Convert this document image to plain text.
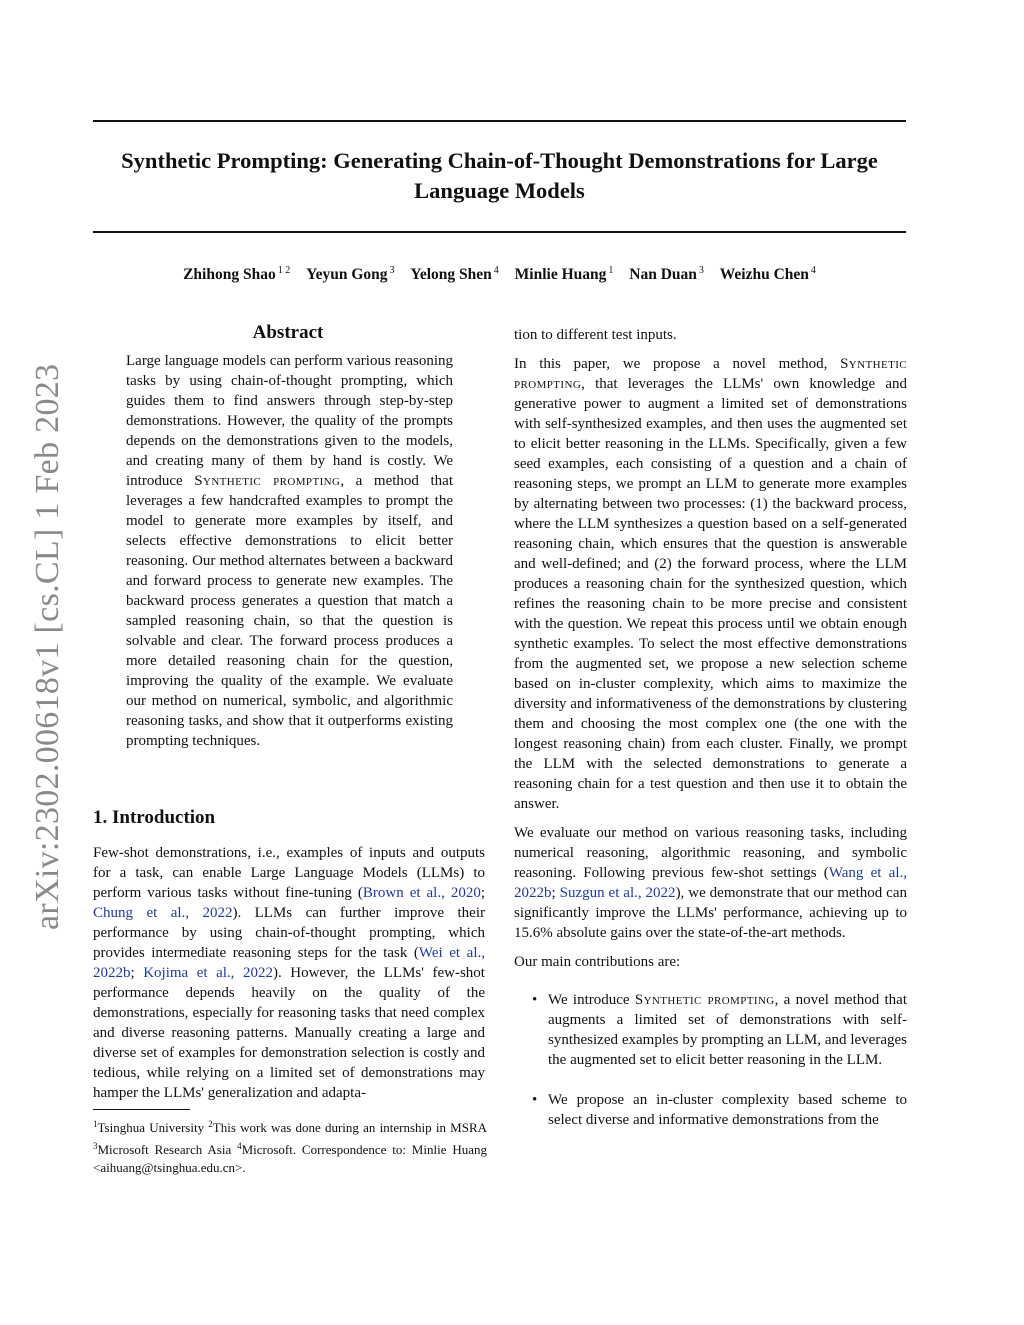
arXiv:2302.00618v1 [cs.CL] 1 Feb 2023
Synthetic Prompting: Generating Chain-of-Thought Demonstrations for Large Language Models
Zhihong Shao $^{1 2}$ Yeyun Gong $^3$ Yelong Shen $^4$ Minlie Huang $^1$ Nan Duan $^3$ Weizhu Chen $^4$
Abstract

Large language models can perform various reasoning tasks by using chain-of-thought prompting, which guides them to find answers through step-by-step demonstrations. However, the quality of the prompts depends on the demonstrations given to the models, and creating many of them by hand is costly. We introduce Synthetic prompting, a method that leverages a few handcrafted examples to prompt the model to generate more examples by itself, and selects effective demonstrations to elicit better reasoning. Our method alternates between a backward and forward process to generate new examples. The backward process generates a question that match a sampled reasoning chain, so that the question is solvable and clear. The forward process produces a more detailed reasoning chain for the question, improving the quality of the example. We evaluate our method on numerical, symbolic, and algorithmic reasoning tasks, and show that it outperforms existing prompting techniques.

1. Introduction

Few-shot demonstrations, i.e., examples of inputs and outputs for a task, can enable Large Language Models (LLMs) to perform various tasks without fine-tuning (Brown et al., 2020; Chung et al., 2022). LLMs can further improve their performance by using chain-of-thought prompting, which provides intermediate reasoning steps for the task (Wei et al., 2022b; Kojima et al., 2022). However, the LLMs' few-shot performance depends heavily on the quality of the demonstrations, especially for reasoning tasks that need complex and diverse reasoning patterns. Manually creating a large and diverse set of examples for demonstration selection is costly and tedious, while relying on a limited set of demonstrations may hamper the LLMs' generalization and adapta-

$^1$Tsinghua University $^2$This work was done during an internship in MSRA $^3$Microsoft Research Asia $^4$Microsoft. Correspondence to: Minlie Huang <aihuang@tsinghua.edu.cn>.

tion to different test inputs.

In this paper, we propose a novel method, Synthetic prompting, that leverages the LLMs' own knowledge and generative power to augment a limited set of demonstrations with self-synthesized examples, and then uses the augmented set to elicit better reasoning in the LLMs. Specifically, given a few seed examples, each consisting of a question and a chain of reasoning steps, we prompt an LLM to generate more examples by alternating between two processes: (1) the backward process, where the LLM synthesizes a question based on a self-generated reasoning chain, which ensures that the question is answerable and well-defined; and (2) the forward process, where the LLM produces a reasoning chain for the synthesized question, which refines the reasoning chain to be more precise and consistent with the question. We repeat this process until we obtain enough synthetic examples. To select the most effective demonstrations from the augmented set, we propose a new selection scheme based on in-cluster complexity, which aims to maximize the diversity and informativeness of the demonstrations by clustering them and choosing the most complex one (the one with the longest reasoning chain) from each cluster. Finally, we prompt the LLM with the selected demonstrations to generate a reasoning chain for a test question and then use it to obtain the answer.

We evaluate our method on various reasoning tasks, including numerical reasoning, algorithmic reasoning, and symbolic reasoning. Following previous few-shot settings (Wang et al., 2022b; Suzgun et al., 2022), we demonstrate that our method can significantly improve the LLMs' performance, achieving up to 15.6% absolute gains over the state-of-the-art methods.

Our main contributions are:

• We introduce Synthetic prompting, a novel method that augments a limited set of demonstrations with self-synthesized examples by prompting an LLM, and leverages the augmented set to elicit better reasoning in the LLM.
• We propose an in-cluster complexity based scheme to select diverse and informative demonstrations from the
